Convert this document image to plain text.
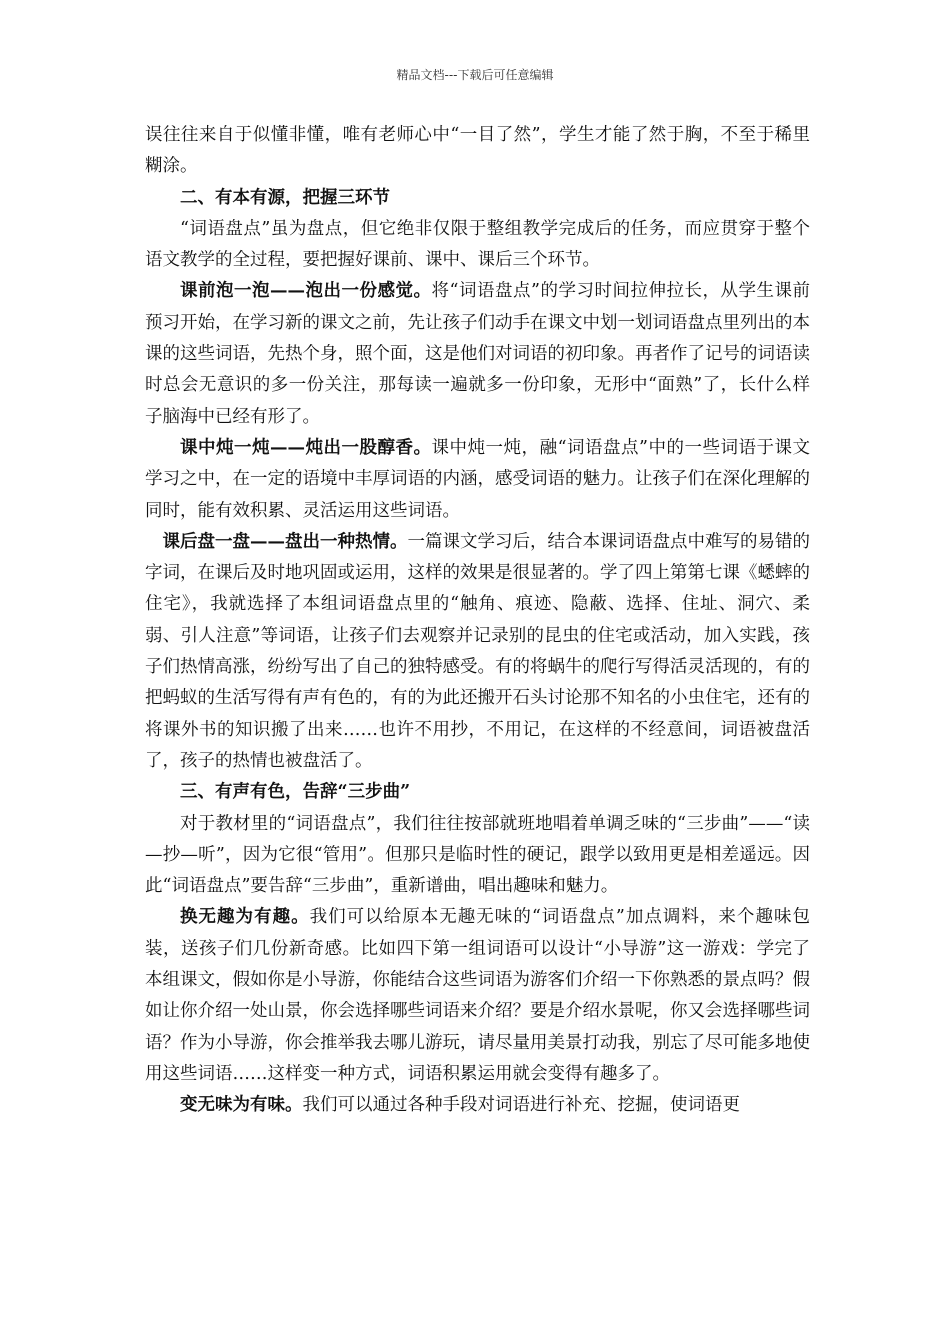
精品文档---下载后可任意编辑

误往往来自于似懂非懂，唯有老师心中“一目了然”，学生才能了然于胸，不至于稀里糊涂。

二、有本有源，把握三环节

“词语盘点”虽为盘点，但它绝非仅限于整组教学完成后的任务，而应贯穿于整个语文教学的全过程，要把握好课前、课中、课后三个环节。

课前泡一泡——泡出一份感觉。将“词语盘点”的学习时间拉伸拉长，从学生课前预习开始，在学习新的课文之前，先让孩子们动手在课文中划一划词语盘点里列出的本课的这些词语，先热个身，照个面，这是他们对词语的初印象。再者作了记号的词语读时总会无意识的多一份关注，那每读一遍就多一份印象，无形中“面熟”了，长什么样子脑海中已经有形了。

课中炖一炖——炖出一股醇香。课中炖一炖，融“词语盘点”中的一些词语于课文学习之中，在一定的语境中丰厚词语的内涵，感受词语的魅力。让孩子们在深化理解的同时，能有效积累、灵活运用这些词语。

课后盘一盘——盘出一种热情。一篇课文学习后，结合本课词语盘点中难写的易错的字词，在课后及时地巩固或运用，这样的效果是很显著的。学了四上第第七课《蟋蟀的住宅》，我就选择了本组词语盘点里的“触角、痕迹、隐蔽、选择、住址、洞穴、柔弱、引人注意”等词语，让孩子们去观察并记录别的昆虫的住宅或活动，加入实践，孩子们热情高涨，纷纷写出了自己的独特感受。有的将蜗牛的爬行写得活灵活现的，有的把蚂蚁的生活写得有声有色的，有的为此还搬开石头讨论那不知名的小虫住宅，还有的将课外书的知识搬了出来……也许不用抄，不用记，在这样的不经意间，词语被盘活了，孩子的热情也被盘活了。

三、有声有色，告辞“三步曲”

对于教材里的“词语盘点”，我们往往按部就班地唱着单调乏味的“三步曲”——“读—抄—听”，因为它很“管用”。但那只是临时性的硬记，跟学以致用更是相差遥远。因此“词语盘点”要告辞“三步曲”，重新谱曲，唱出趣味和魅力。

换无趣为有趣。我们可以给原本无趣无味的“词语盘点”加点调料，来个趣味包装，送孩子们几份新奇感。比如四下第一组词语可以设计“小导游”这一游戏：学完了本组课文，假如你是小导游，你能结合这些词语为游客们介绍一下你熟悉的景点吗？假如让你介绍一处山景，你会选择哪些词语来介绍？要是介绍水景呢，你又会选择哪些词语？作为小导游，你会推举我去哪儿游玩，请尽量用美景打动我，别忘了尽可能多地使用这些词语……这样变一种方式，词语积累运用就会变得有趣多了。

变无味为有味。我们可以通过各种手段对词语进行补充、挖掘，使词语更
